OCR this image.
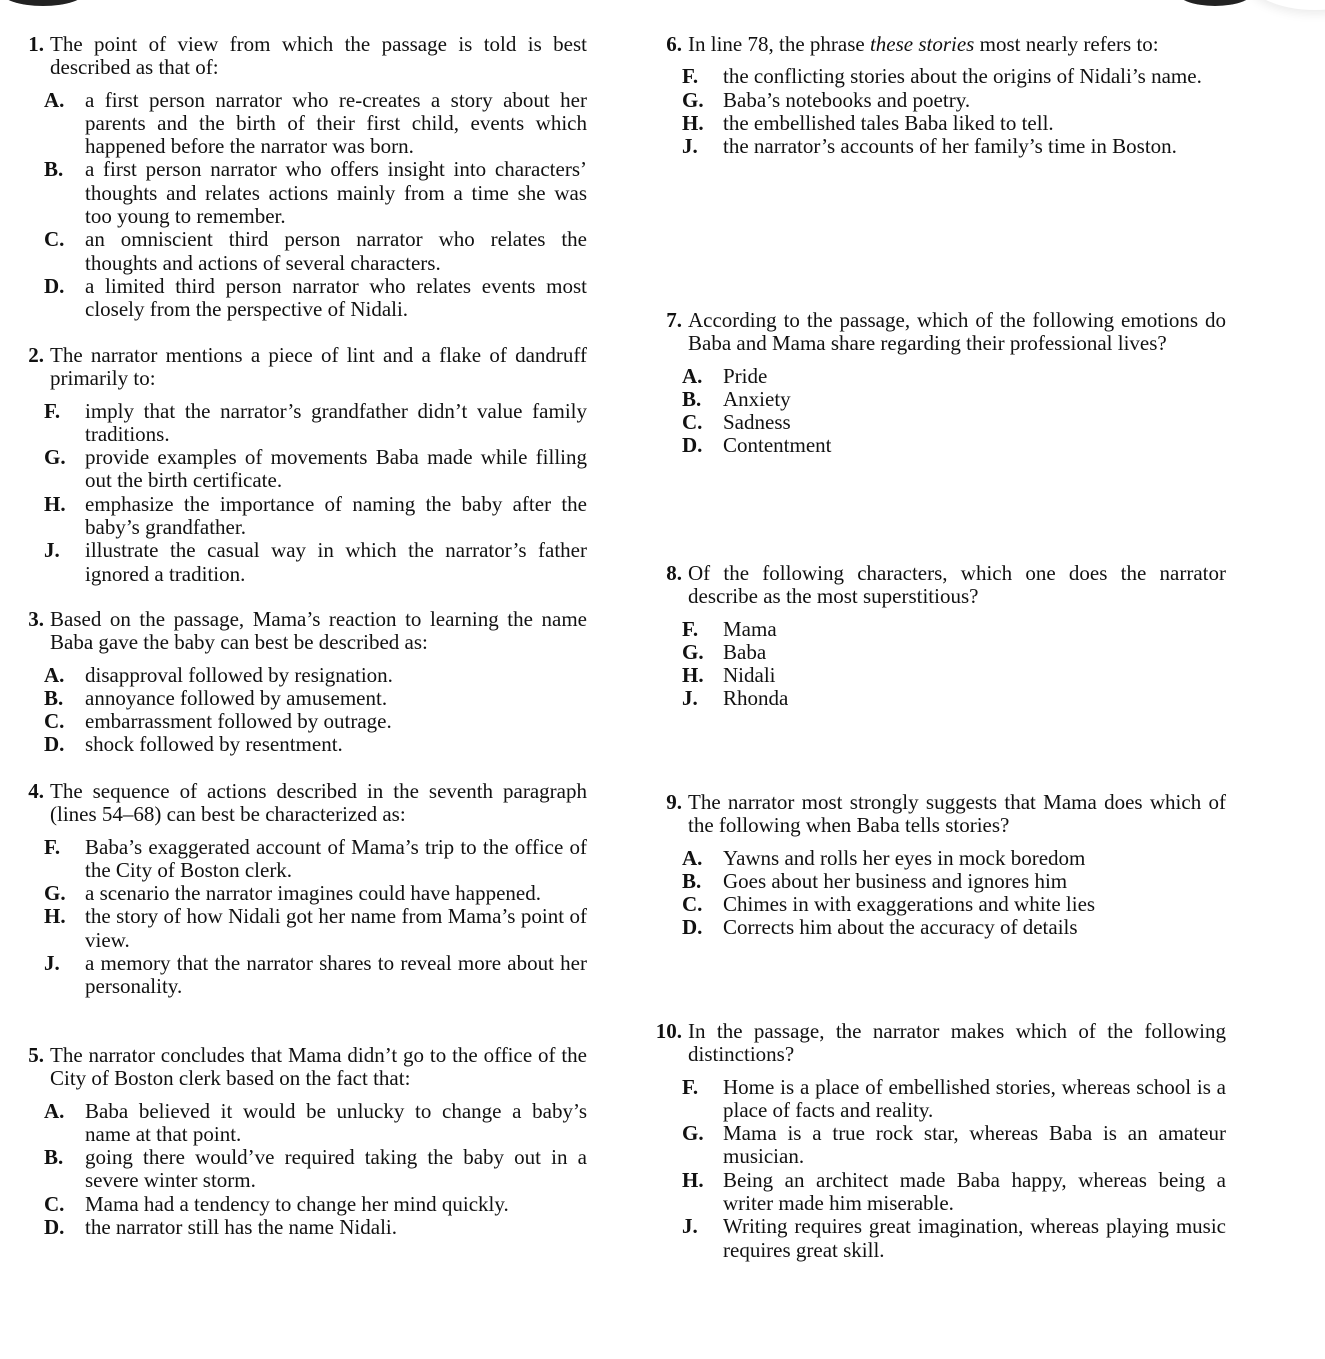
1. The point of view from which the passage is told is best described as that of:
A. a first person narrator who re-creates a story about her parents and the birth of their first child, events which happened before the narrator was born.
B.	a first person narrator who offers insight into characters’ thoughts and relates actions mainly from a time she was too young to remember.
C. an omniscient third person narrator who relates the thoughts and actions of several characters.
D. a limited third person narrator who relates events most closely from the perspective of Nidali.
2. The narrator mentions a piece of lint and a flake of dandruff primarily to:
F.	imply that the narrator’s grandfather didn’t value family traditions.
G. provide examples of movements Baba made while filling out the birth certificate.
H. emphasize the importance of naming the baby after the baby’s grandfather.
J.	illustrate the casual way in which the narrator’s father ignored a tradition.
3. Based on the passage, Mama’s reaction to learning the name Baba gave the baby can best be described as:
A. disapproval followed by resignation.
B.	annoyance followed by amusement.
C. embarrassment followed by outrage.
D. shock followed by resentment.
4. The sequence of actions described in the seventh paragraph (lines 54–68) can best be characterized as:
F.	Baba’s exaggerated account of Mama’s trip to the office of the City of Boston clerk.
G. a scenario the narrator imagines could have happened.
H. the story of how Nidali got her name from Mama’s point of view.
J.	a memory that the narrator shares to reveal more about her personality.
5. The narrator concludes that Mama didn’t go to the office of the City of Boston clerk based on the fact that:
A. Baba believed it would be unlucky to change a baby’s name at that point.
B.	going there would’ve required taking the baby out in a severe winter storm.
C. Mama had a tendency to change her mind quickly.
D. the narrator still has the name Nidali.
6. In line 78, the phrase these stories most nearly refers to:
F.	the conflicting stories about the origins of Nidali’s name.
G. Baba’s notebooks and poetry.
H. the embellished tales Baba liked to tell.
J.	the narrator’s accounts of her family’s time in Boston.
7. According to the passage, which of the following emotions do Baba and Mama share regarding their professional lives?
A. Pride
B.	Anxiety
C. Sadness
D. Contentment
8. Of the following characters, which one does the narrator describe as the most superstitious?
F.	Mama
G. Baba
H. Nidali
J.	Rhonda
9. The narrator most strongly suggests that Mama does which of the following when Baba tells stories?
A. Yawns and rolls her eyes in mock boredom
B.	Goes about her business and ignores him
C. Chimes in with exaggerations and white lies
D. Corrects him about the accuracy of details
10. In the passage, the narrator makes which of the following distinctions?
F.	Home is a place of embellished stories, whereas school is a place of facts and reality.
G. Mama is a true rock star, whereas Baba is an amateur musician.
H. Being an architect made Baba happy, whereas being a writer made him miserable.
J.	Writing requires great imagination, whereas playing music requires great skill.
